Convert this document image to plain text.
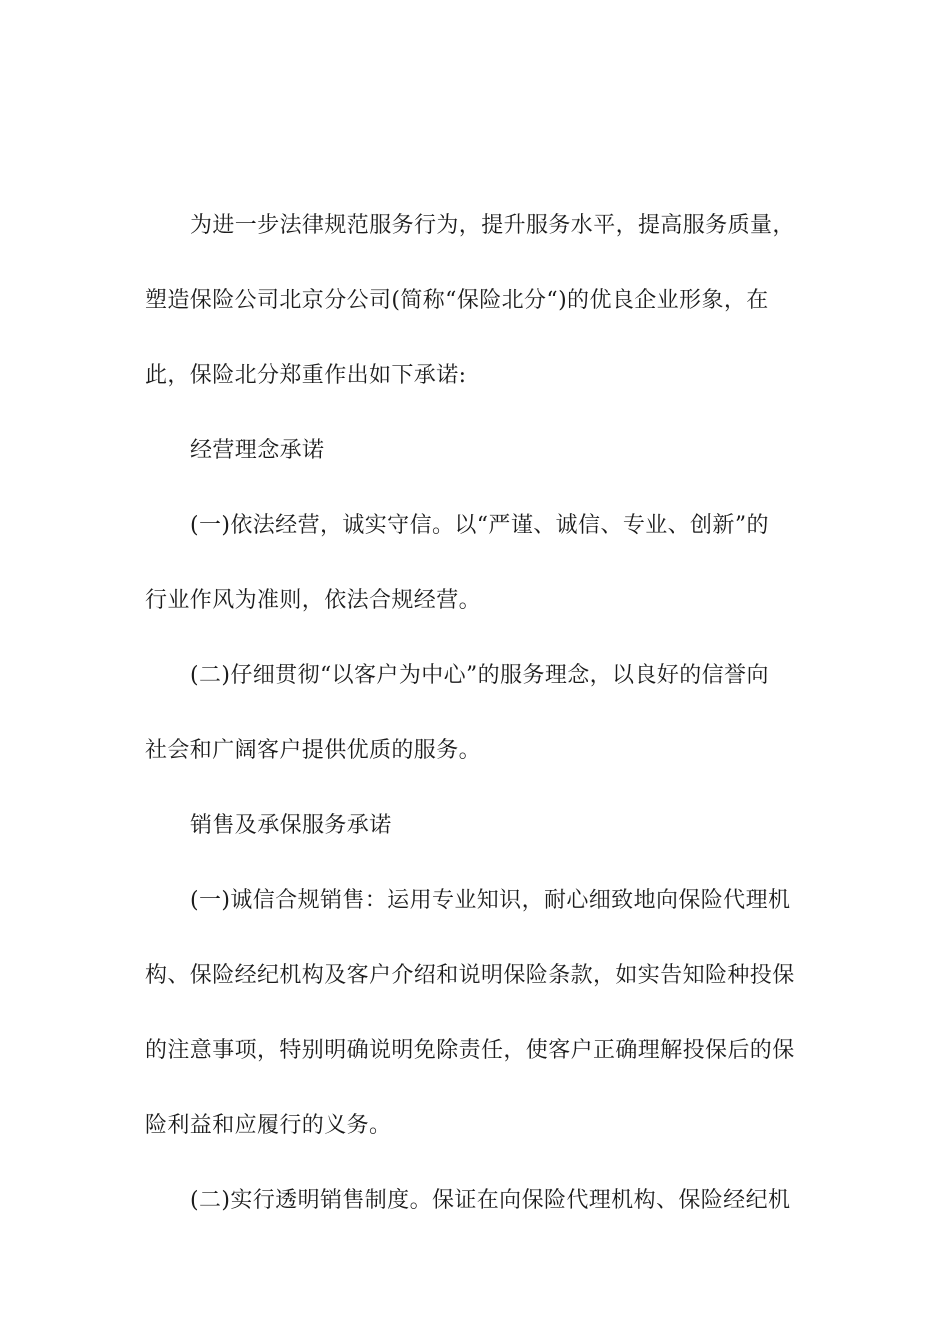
为进一步法律规范服务行为，提升服务水平，提高服务质量，
塑造保险公司北京分公司(简称“保险北分“)的优良企业形象，在
此，保险北分郑重作出如下承诺:
经营理念承诺
(一)依法经营，诚实守信。以“严谨、诚信、专业、创新”的
行业作风为准则，依法合规经营。
(二)仔细贯彻“以客户为中心”的服务理念，以良好的信誉向
社会和广阔客户提供优质的服务。
销售及承保服务承诺
(一)诚信合规销售：运用专业知识，耐心细致地向保险代理机
构、保险经纪机构及客户介绍和说明保险条款，如实告知险种投保
的注意事项，特别明确说明免除责任，使客户正确理解投保后的保
险利益和应履行的义务。
(二)实行透明销售制度。保证在向保险代理机构、保险经纪机
